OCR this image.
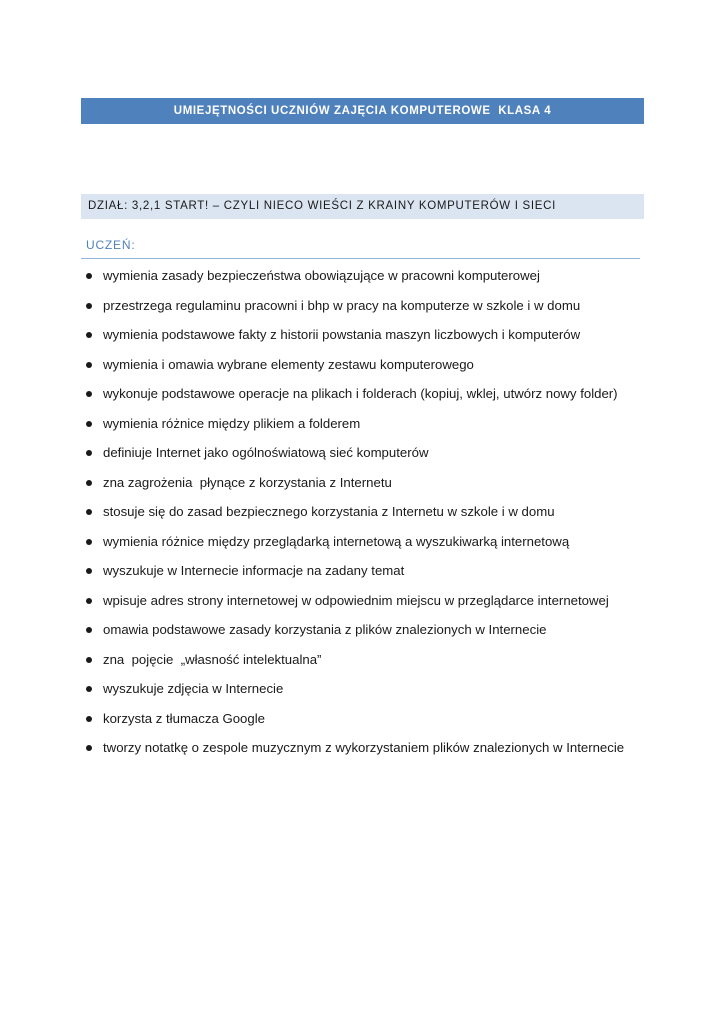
UMIEJĘTNOŚCI UCZNIÓW ZAJĘCIA KOMPUTEROWE  KLASA 4
DZIAŁ: 3,2,1 START! – CZYLI NIECO WIEŚCI Z KRAINY KOMPUTERÓW I SIECI
UCZEŃ:
wymienia zasady bezpieczeństwa obowiązujące w pracowni komputerowej
przestrzega regulaminu pracowni i bhp w pracy na komputerze w szkole i w domu
wymienia podstawowe fakty z historii powstania maszyn liczbowych i komputerów
wymienia i omawia wybrane elementy zestawu komputerowego
wykonuje podstawowe operacje na plikach i folderach (kopiuj, wklej, utwórz nowy folder)
wymienia różnice między plikiem a folderem
definiuje Internet jako ogólnoświatową sieć komputerów
zna zagrożenia  płynące z korzystania z Internetu
stosuje się do zasad bezpiecznego korzystania z Internetu w szkole i w domu
wymienia różnice między przeglądarką internetową a wyszukiwarką internetową
wyszukuje w Internecie informacje na zadany temat
wpisuje adres strony internetowej w odpowiednim miejscu w przeglądarce internetowej
omawia podstawowe zasady korzystania z plików znalezionych w Internecie
zna  pojęcie  „własność intelektualna”
wyszukuje zdjęcia w Internecie
korzysta z tłumacza Google
tworzy notatkę o zespole muzycznym z wykorzystaniem plików znalezionych w Internecie
